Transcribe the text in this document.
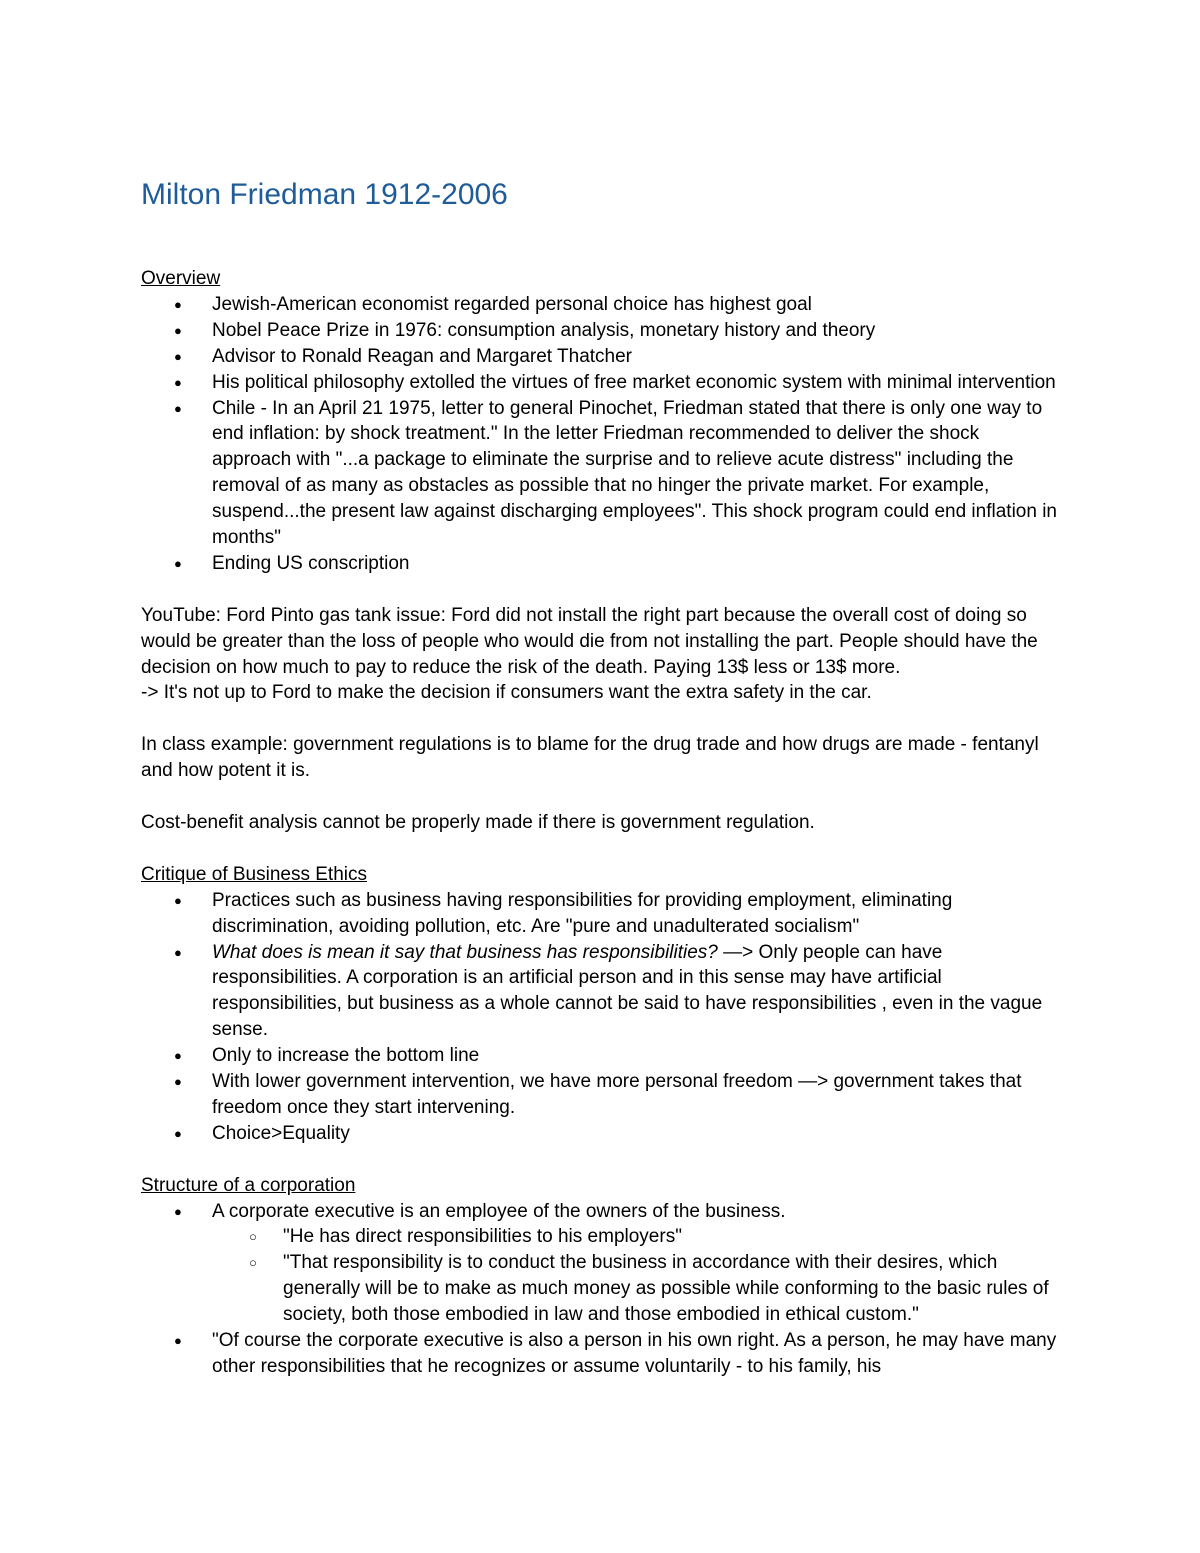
Milton Friedman 1912-2006

Overview

● Jewish-American economist regarded personal choice has highest goal
● Nobel Peace Prize in 1976: consumption analysis, monetary history and theory
● Advisor to Ronald Reagan and Margaret Thatcher
● His political philosophy extolled the virtues of free market economic system with minimal intervention
● Chile - In an April 21 1975, letter to general Pinochet, Friedman stated that there is only one way to end inflation: by shock treatment." In the letter Friedman recommended to deliver the shock approach with "...a package to eliminate the surprise and to relieve acute distress" including the removal of as many as obstacles as possible that no hinger the private market. For example, suspend...the present law against discharging employees". This shock program could end inflation in months"
● Ending US conscription

YouTube: Ford Pinto gas tank issue: Ford did not install the right part because the overall cost of doing so would be greater than the loss of people who would die from not installing the part. People should have the decision on how much to pay to reduce the risk of the death. Paying 13$ less or 13$ more.

-> It's not up to Ford to make the decision if consumers want the extra safety in the car.

In class example: government regulations is to blame for the drug trade and how drugs are made - fentanyl and how potent it is.

Cost-benefit analysis cannot be properly made if there is government regulation.

Critique of Business Ethics

● Practices such as business having responsibilities for providing employment, eliminating discrimination, avoiding pollution, etc. Are "pure and unadulterated socialism"
● What does is mean it say that business has responsibilities? —> Only people can have responsibilities. A corporation is an artificial person and in this sense may have artificial responsibilities, but business as a whole cannot be said to have responsibilities , even in the vague sense.
● Only to increase the bottom line
● With lower government intervention, we have more personal freedom —> government takes that freedom once they start intervening.
● Choice>Equality

Structure of a corporation

● A corporate executive is an employee of the owners of the business.
○ "He has direct responsibilities to his employers"
○ "That responsibility is to conduct the business in accordance with their desires, which generally will be to make as much money as possible while conforming to the basic rules of society, both those embodied in law and those embodied in ethical custom."
● "Of course the corporate executive is also a person in his own right. As a person, he may have many other responsibilities that he recognizes or assume voluntarily - to his family, his
